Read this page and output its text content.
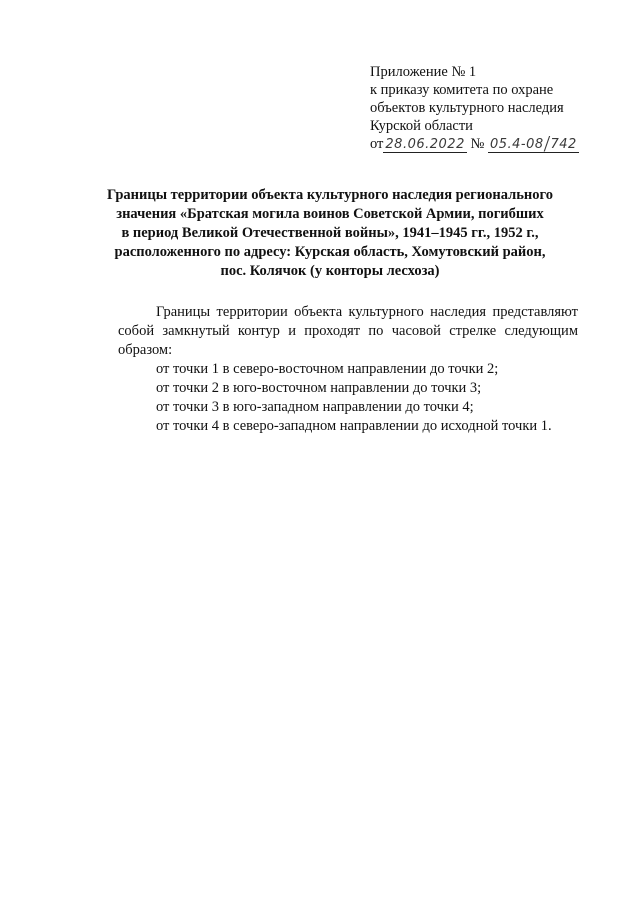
Приложение № 1
к приказу комитета по охране
объектов культурного наследия
Курской области
от 28.06.2022 № 05.4-08/742
Границы территории объекта культурного наследия регионального
значения «Братская могила воинов Советской Армии, погибших
в период Великой Отечественной войны», 1941–1945 гг., 1952 г.,
расположенного по адресу: Курская область, Хомутовский район,
пос. Колячок (у конторы лесхоза)

Границы территории объекта культурного наследия представляют собой замкнутый контур и проходят по часовой стрелке следующим образом:

от точки 1 в северо-восточном направлении до точки 2;

от точки 2 в юго-восточном направлении до точки 3;

от точки 3 в юго-западном направлении до точки 4;

от точки 4 в северо-западном направлении до исходной точки 1.
